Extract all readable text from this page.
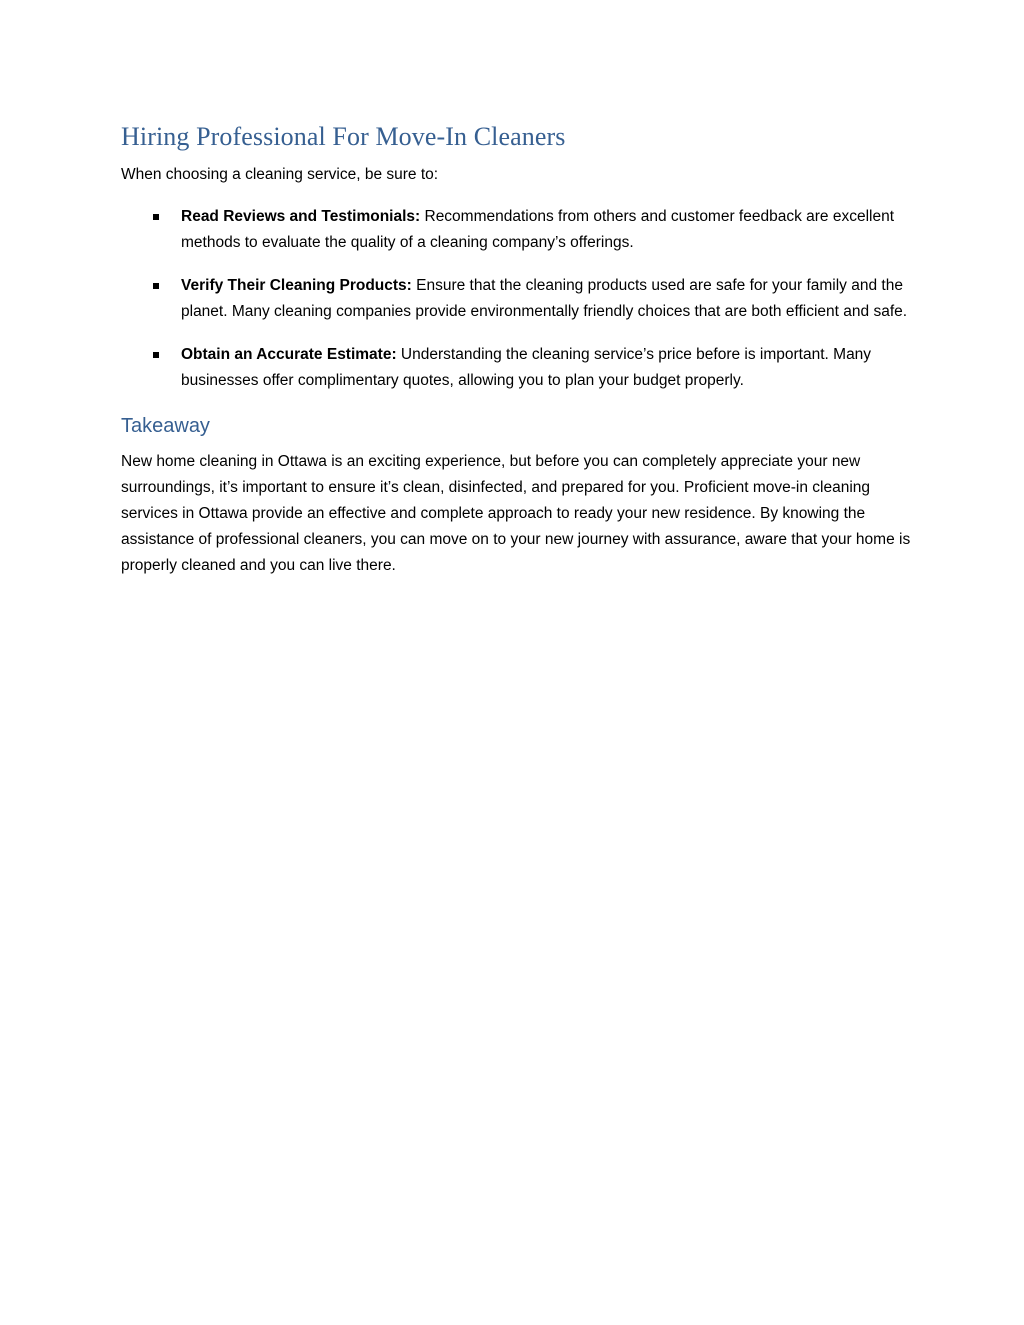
Hiring Professional For Move-In Cleaners

When choosing a cleaning service, be sure to:

Read Reviews and Testimonials: Recommendations from others and customer feedback are excellent methods to evaluate the quality of a cleaning company’s offerings.
Verify Their Cleaning Products: Ensure that the cleaning products used are safe for your family and the planet. Many cleaning companies provide environmentally friendly choices that are both efficient and safe.
Obtain an Accurate Estimate: Understanding the cleaning service’s price before is important. Many businesses offer complimentary quotes, allowing you to plan your budget properly.
Takeaway

New home cleaning in Ottawa is an exciting experience, but before you can completely appreciate your new surroundings, it’s important to ensure it’s clean, disinfected, and prepared for you. Proficient move-in cleaning services in Ottawa provide an effective and complete approach to ready your new residence. By knowing the assistance of professional cleaners, you can move on to your new journey with assurance, aware that your home is properly cleaned and you can live there.
